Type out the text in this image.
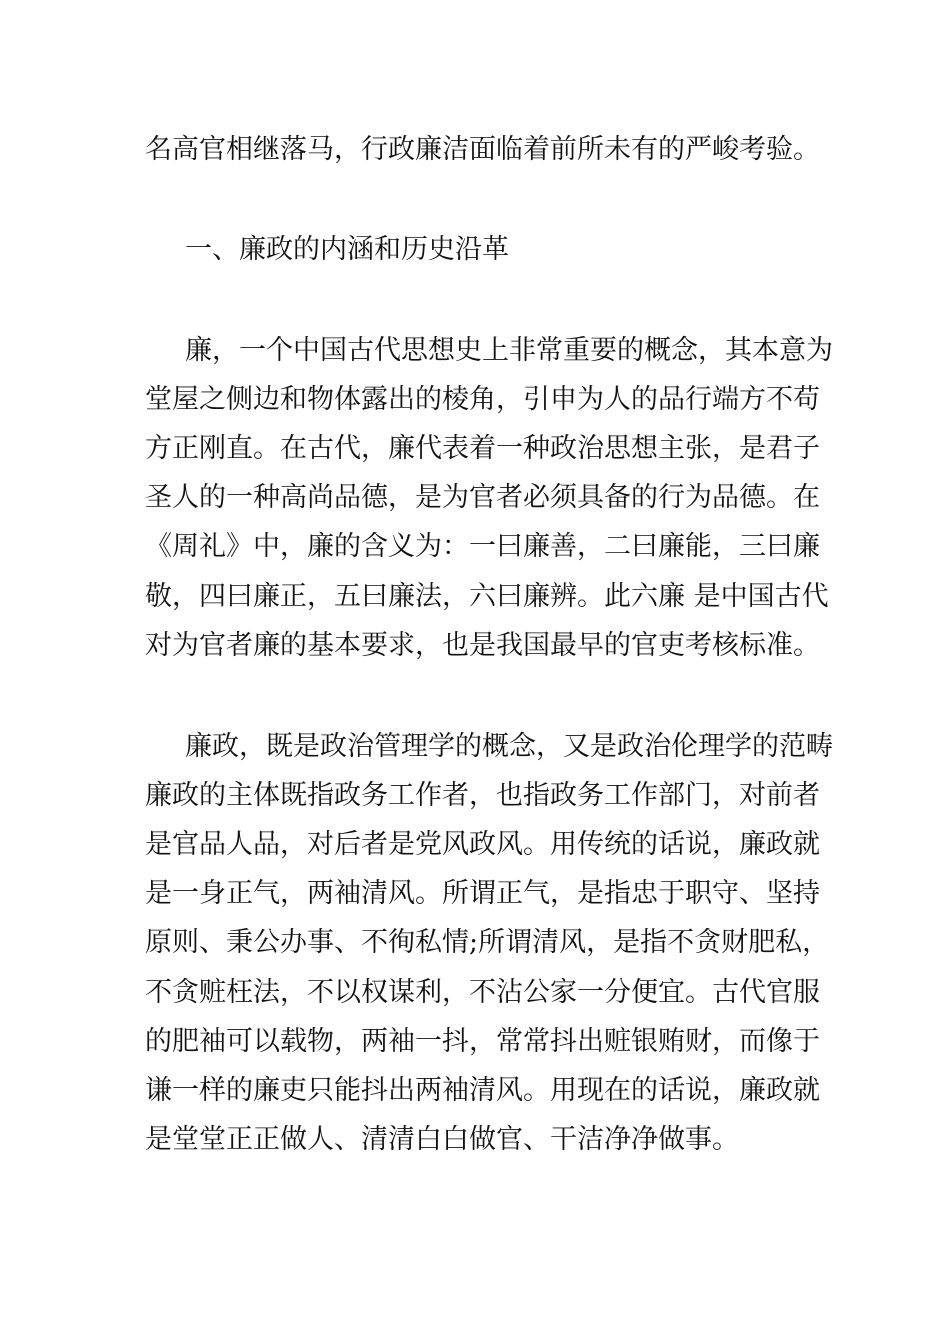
名高官相继落马，行政廉洁面临着前所未有的严峻考验。
一、廉政的内涵和历史沿革
廉，一个中国古代思想史上非常重要的概念，其本意为
堂屋之侧边和物体露出的棱角，引申为人的品行端方不苟
方正刚直。在古代，廉代表着一种政治思想主张，是君子
圣人的一种高尚品德，是为官者必须具备的行为品德。在
《周礼》中，廉的含义为：一曰廉善，二曰廉能，三曰廉
敬，四曰廉正，五曰廉法，六曰廉辨。此六廉 是中国古代
对为官者廉的基本要求，也是我国最早的官吏考核标准。
廉政，既是政治管理学的概念，又是政治伦理学的范畴
廉政的主体既指政务工作者，也指政务工作部门，对前者
是官品人品，对后者是党风政风。用传统的话说，廉政就
是一身正气，两袖清风。所谓正气，是指忠于职守、坚持
原则、秉公办事、不徇私情;所谓清风，是指不贪财肥私，
不贪赃枉法，不以权谋利，不沾公家一分便宜。古代官服
的肥袖可以载物，两袖一抖，常常抖出赃银贿财，而像于
谦一样的廉吏只能抖出两袖清风。用现在的话说，廉政就
是堂堂正正做人、清清白白做官、干洁净净做事。
